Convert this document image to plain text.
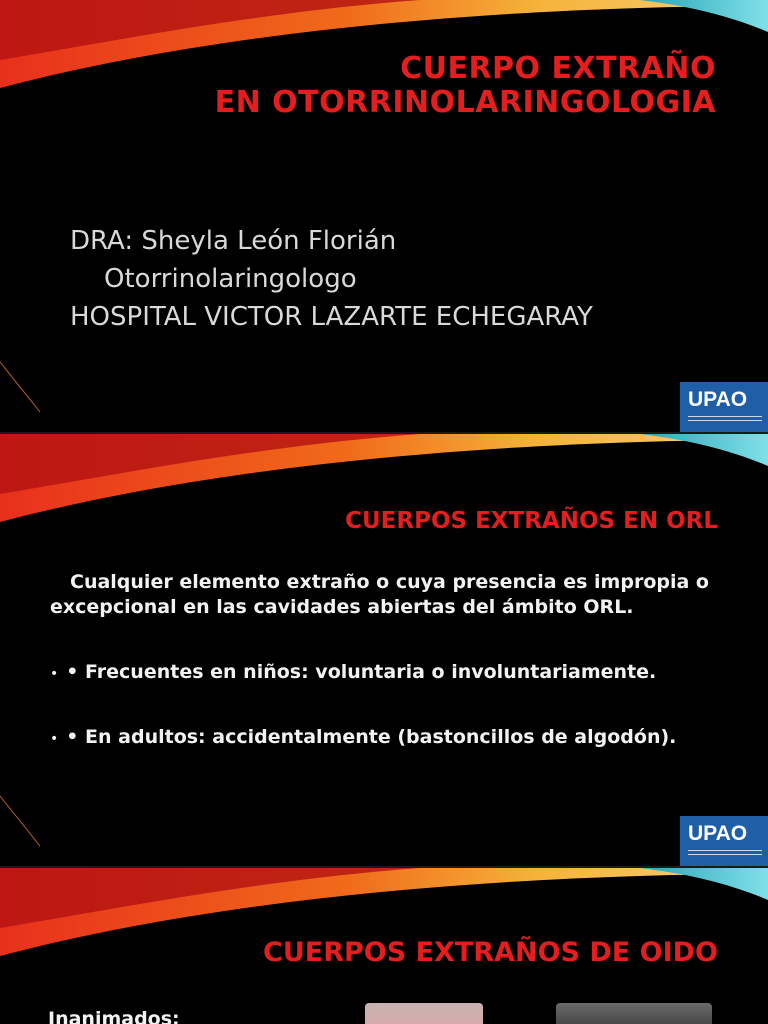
CUERPO EXTRAÑO
EN OTORRINOLARINGOLOGIA
DRA: Sheyla León Florián
Otorrinolaringologo
HOSPITAL VICTOR LAZARTE ECHEGARAY
UPAO
CUERPOS EXTRAÑOS EN ORL

Cualquier elemento extraño o cuya presencia es impropia o excepcional en las cavidades abiertas del ámbito ORL.

• • Frecuentes en niños: voluntaria o involuntariamente.

• • En adultos: accidentalmente (bastoncillos de algodón).

UPAO
CUERPOS EXTRAÑOS DE OIDO
Inanimados:
